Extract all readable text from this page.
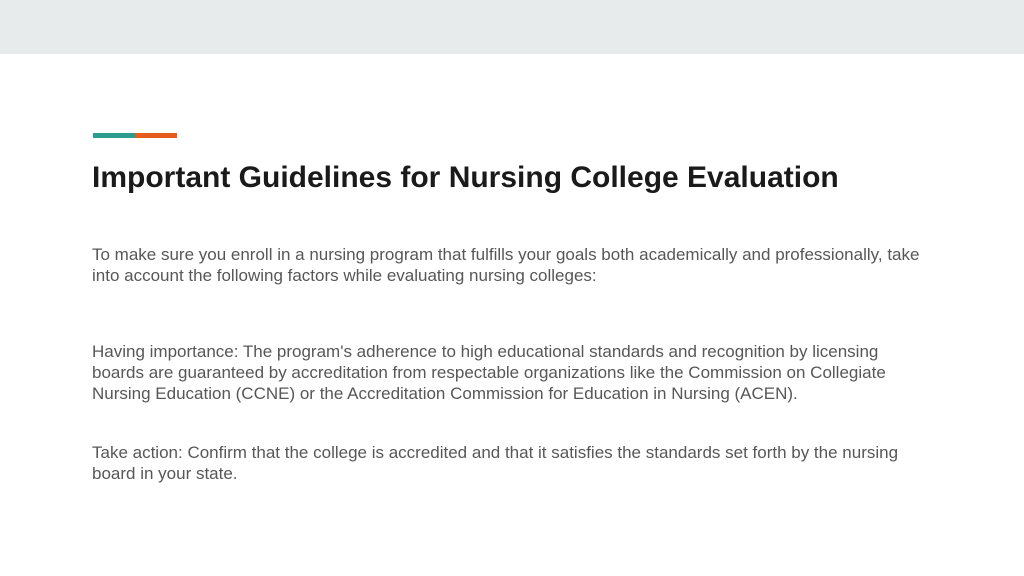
Important Guidelines for Nursing College Evaluation

To make sure you enroll in a nursing program that fulfills your goals both academically and professionally, take into account the following factors while evaluating nursing colleges:

Having importance: The program's adherence to high educational standards and recognition by licensing boards are guaranteed by accreditation from respectable organizations like the Commission on Collegiate Nursing Education (CCNE) or the Accreditation Commission for Education in Nursing (ACEN).

Take action: Confirm that the college is accredited and that it satisfies the standards set forth by the nursing board in your state.
